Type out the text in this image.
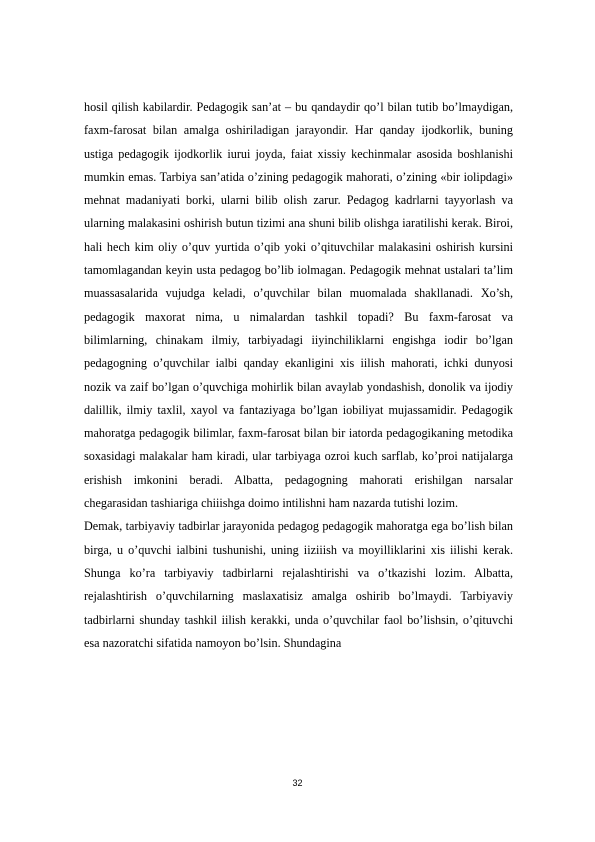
hosil qilish kabilardir. Pedagogik san’at – bu qandaydir qo’l bilan tutib bo’lmaydigan, faxm-farosat bilan amalga oshiriladigan jarayondir. Har qanday ijodkorlik, buning ustiga pedagogik ijodkorlik iurui joyda, faiat xissiy kechinmalar asosida boshlanishi mumkin emas. Tarbiya san’atida o’zining pedagogik mahorati, o’zining «bir iolipdagi» mehnat madaniyati borki, ularni bilib olish zarur. Pedagog kadrlarni tayyorlash va ularning malakasini oshirish butun tizimi ana shuni bilib olishga iaratilishi kerak. Biroi, hali hech kim oliy o’quv yurtida o’qib yoki o’qituvchilar malakasini oshirish kursini tamomlagandan keyin usta pedagog bo’lib iolmagan. Pedagogik mehnat ustalari ta’lim muassasalarida vujudga keladi, o’quvchilar bilan muomalada shakllanadi. Xo’sh, pedagogik maxorat nima, u nimalardan tashkil topadi? Bu faxm-farosat va bilimlarning, chinakam ilmiy, tarbiyadagi iiyinchiliklarni engishga iodir bo’lgan pedagogning o’quvchilar ialbi qanday ekanligini xis iilish mahorati, ichki dunyosi nozik va zaif bo’lgan o’quvchiga mohirlik bilan avaylab yondashish, donolik va ijodiy dalillik, ilmiy taxlil, xayol va fantaziyaga bo’lgan iobiliyat mujassamidir. Pedagogik mahoratga pedagogik bilimlar, faxm-farosat bilan bir iatorda pedagogikaning metodika soxasidagi malakalar ham kiradi, ular tarbiyaga ozroi kuch sarflab, ko’proi natijalarga erishish imkonini beradi. Albatta, pedagogning mahorati erishilgan narsalar chegarasidan tashiariga chiiishga doimo intilishni ham nazarda tutishi lozim.

Demak, tarbiyaviy tadbirlar jarayonida pedagog pedagogik mahoratga ega bo’lish bilan birga, u o’quvchi ialbini tushunishi, uning iiziiish va moyilliklarini xis iilishi kerak. Shunga ko’ra tarbiyaviy tadbirlarni rejalashtirishi va o’tkazishi lozim. Albatta, rejalashtirish o’quvchilarning maslaxatisiz amalga oshirib bo’lmaydi. Tarbiyaviy tadbirlarni shunday tashkil iilish kerakki, unda o’quvchilar faol bo’lishsin, o’qituvchi esa nazoratchi sifatida namoyon bo’lsin. Shundagina

32
